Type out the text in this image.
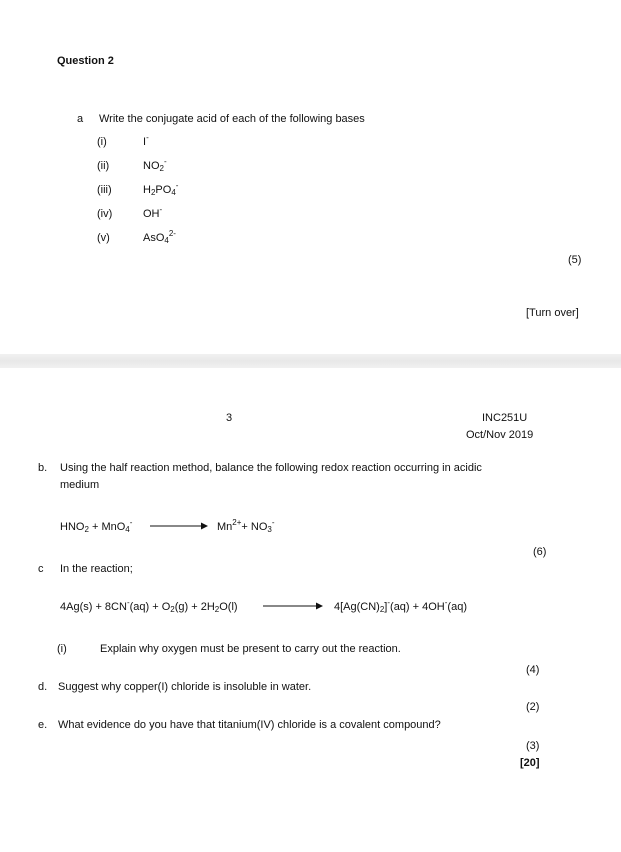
Question 2
a Write the conjugate acid of each of the following bases
(i)	I-
(ii)	$NO_2^-$
(iii)	$H_2PO_4^-$
(iv)	OH-
(v)	AsO$_4^{2-}$
(5)
[Turn over]
3	INC251U
Oct/Nov 2019
b. Using the half reaction method, balance the following redox reaction occurring in acidic
medium
$HNO_2 + MnO_4^- \to Mn^{2+}+ NO_3^-$
(6)
c In the reaction;
$4Ag(s) + 8CN^-(aq) + O_2(g) + 2H_2O(l) \to 4[Ag(CN)_2]^-(aq) + 4OH^-(aq)$
(i)	Explain why oxygen must be present to carry out the reaction.
(4)
d. Suggest why copper(I) chloride is insoluble in water.
(2)
e. What evidence do you have that titanium(IV) chloride is a covalent compound?
(3)
[20]
